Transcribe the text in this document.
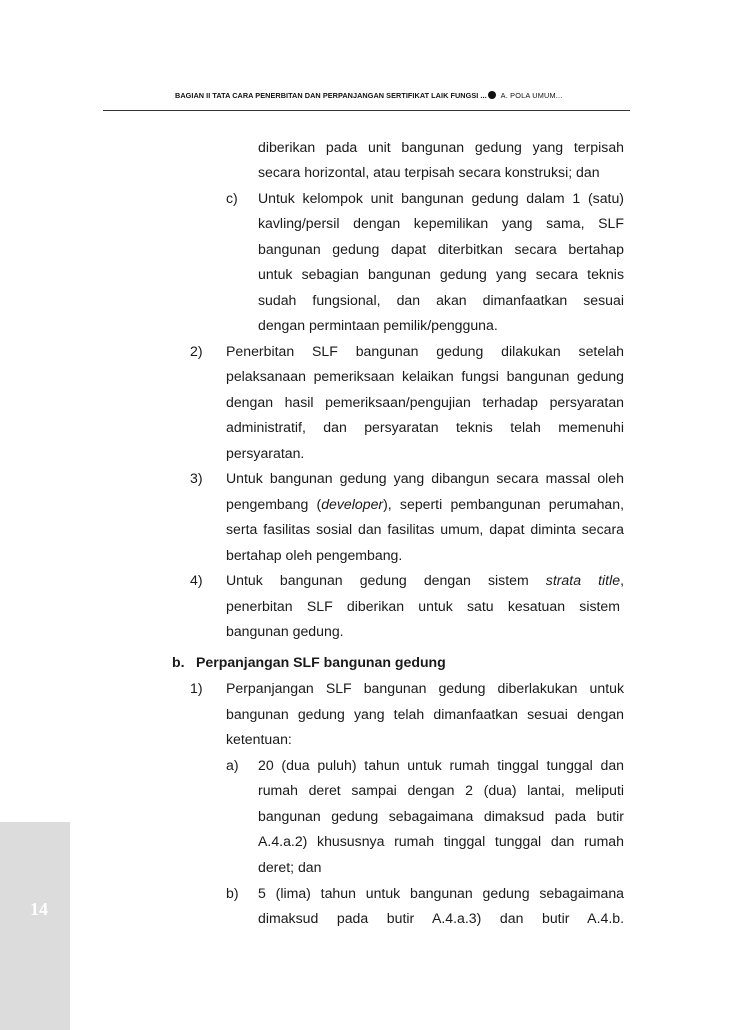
BAGIAN II TATA CARA PENERBITAN DAN PERPANJANGAN SERTIFIKAT LAIK FUNGSI ... A. POLA UMUM...
diberikan pada unit bangunan gedung yang terpisah
secara horizontal, atau terpisah secara konstruksi; dan
c) Untuk kelompok unit bangunan gedung dalam 1 (satu)
kavling/persil dengan kepemilikan yang sama, SLF
bangunan gedung dapat diterbitkan secara bertahap
untuk sebagian bangunan gedung yang secara teknis
sudah fungsional, dan akan dimanfaatkan sesuai
dengan permintaan pemilik/pengguna.
2) Penerbitan SLF bangunan gedung dilakukan setelah
pelaksanaan pemeriksaan kelaikan fungsi bangunan gedung
dengan hasil pemeriksaan/pengujian terhadap persyaratan
administratif, dan persyaratan teknis telah memenuhi
persyaratan.
3) Untuk bangunan gedung yang dibangun secara massal oleh
pengembang (developer), seperti pembangunan perumahan,
serta fasilitas sosial dan fasilitas umum, dapat diminta secara
bertahap oleh pengembang.
4) Untuk bangunan gedung dengan sistem strata title,
penerbitan SLF diberikan untuk satu kesatuan sistem
bangunan gedung.
b. Perpanjangan SLF bangunan gedung
1) Perpanjangan SLF bangunan gedung diberlakukan untuk
bangunan gedung yang telah dimanfaatkan sesuai dengan
ketentuan:
a) 20 (dua puluh) tahun untuk rumah tinggal tunggal dan
rumah deret sampai dengan 2 (dua) lantai, meliputi
bangunan gedung sebagaimana dimaksud pada butir
A.4.a.2) khususnya rumah tinggal tunggal dan rumah
deret; dan
b) 5 (lima) tahun untuk bangunan gedung sebagaimana
dimaksud pada butir A.4.a.3) dan butir A.4.b.
14
